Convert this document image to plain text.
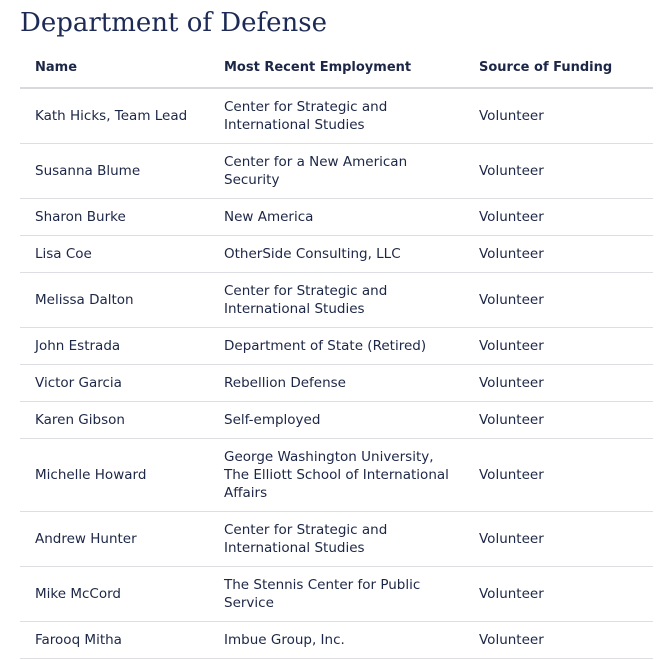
Department of Defense
Name	Most Recent Employment	Source of Funding
Kath Hicks, Team Lead	Center for Strategic and International Studies	Volunteer
Susanna Blume	Center for a New American Security	Volunteer
Sharon Burke	New America	Volunteer
Lisa Coe	OtherSide Consulting, LLC	Volunteer
Melissa Dalton	Center for Strategic and International Studies	Volunteer
John Estrada	Department of State (Retired)	Volunteer
Victor Garcia	Rebellion Defense	Volunteer
Karen Gibson	Self-employed	Volunteer
Michelle Howard	George Washington University, The Elliott School of International Affairs	Volunteer
Andrew Hunter	Center for Strategic and International Studies	Volunteer
Mike McCord	The Stennis Center for Public Service	Volunteer
Farooq Mitha	Imbue Group, Inc.	Volunteer
